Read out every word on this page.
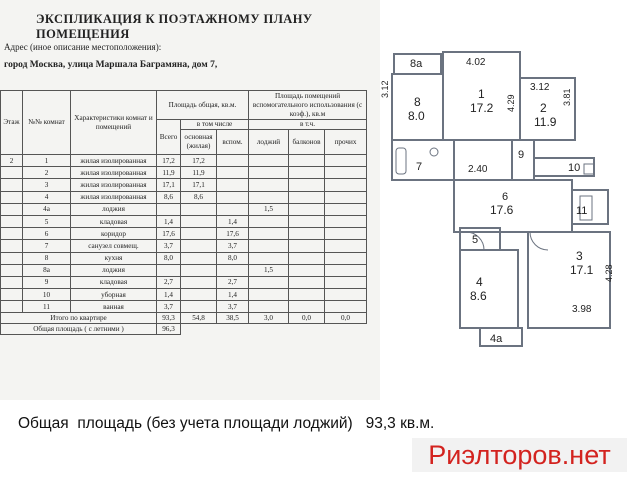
ЭКСПЛИКАЦИЯ К ПОЭТАЖНОМУ ПЛАНУ ПОМЕЩЕНИЯ
Адрес (иное описание местоположения):
город Москва, улица Маршала Баграмяна, дом 7,
Этаж	№№ комнат	Характеристики комнат и помещений	Площадь общая, кв.м.			Площадь помещений вспомогательного использования (с коэф.), кв.м		
			Всего	в том числе		в т.ч.		
				основная (жилая)	вспом.	лоджий	балконов	прочих
2	1	жилая изолированная	17,2	17,2				
	2	жилая изолированная	11,9	11,9				
	3	жилая изолированная	17,1	17,1				
	4	жилая изолированная	8,6	8,6				
	4а	лоджия				1,5		
	5	кладовая	1,4		1,4			
	6	коридор	17,6		17,6			
	7	санузел совмещ.	3,7		3,7			
	8	кухня	8,0		8,0			
	8а	лоджия				1,5		
	9	кладовая	2,7		2,7			
	10	уборная	1,4		1,4			
	11	ванная	3,7		3,7			
Итого по квартире			93,3	54,8	38,5	3,0	0,0	0,0
Общая площадь ( с летними )			96,3					
8а
3.12
8
8.0
4.02
1
17.2 4.29
3.12
3.81
2
11.9
7	2.40
9
10
6
17.6	11
5
3
17.1 4.28
4
8.6
3.98
4а
Общая  площадь (без учета площади лоджий)   93,3 кв.м.
Риэлторов.нет
